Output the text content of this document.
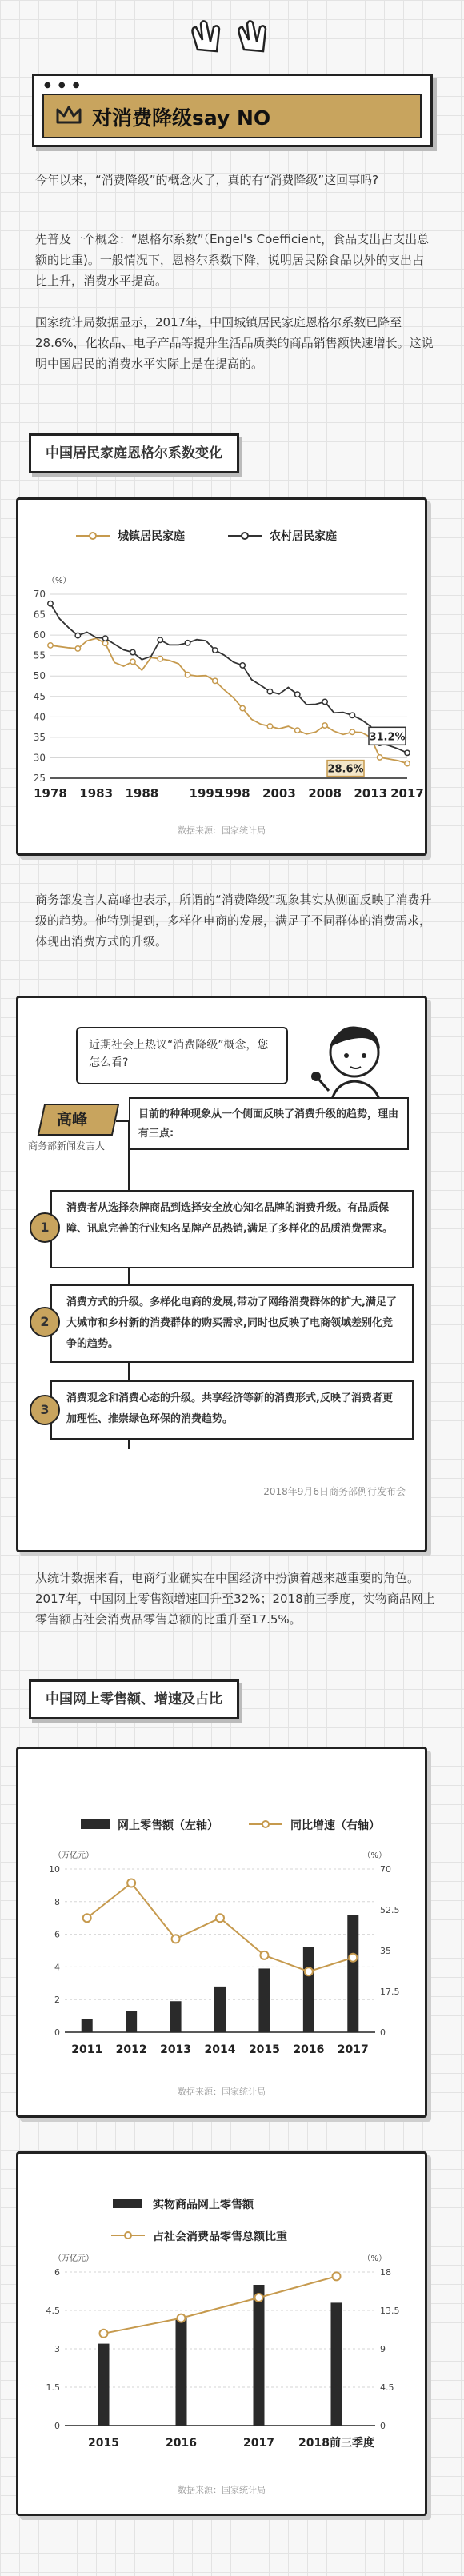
● ● ●
对消费降级say NO

今年以来，“消费降级”的概念火了，真的有“消费降级”这回事吗?

先普及一个概念：“恩格尔系数”（Engel's Coefficient，食品支出占支出总额的比重)。一般情况下，恩格尔系数下降，说明居民除食品以外的支出占比上升，消费水平提高。

国家统计局数据显示，2017年，中国城镇居民家庭恩格尔系数已降至28.6%，化妆品、电子产品等提升生活品质类的商品销售额快速增长。这说明中国居民的消费水平实际上是在提高的。

中国居民家庭恩格尔系数变化
城镇居民家庭	农村居民家庭
（%）
25
30
35
40
45
50
55
60
65
70
1978 1983 1988	1995
1998 2003 2008 2013 2017
31.2%
28.6%
数据来源：国家统计局

商务部发言人高峰也表示，所谓的“消费降级”现象其实从侧面反映了消费升级的趋势。他特别提到，多样化电商的发展，满足了不同群体的消费需求，体现出消费方式的升级。

近期社会上热议“消费降级”概念，您怎么看?
高峰
商务部新闻发言人
目前的种种现象从一个侧面反映了消费升级的趋势，理由有三点:
1
消费者从选择杂牌商品到选择安全放心知名品牌的消费升级。有品质保障、讯息完善的行业知名品牌产品热销,满足了多样化的品质消费需求。
2
消费方式的升级。多样化电商的发展,带动了网络消费群体的扩大,满足了大城市和乡村新的消费群体的购买需求,同时也反映了电商领域差别化竞争的趋势。
3
消费观念和消费心态的升级。共享经济等新的消费形式,反映了消费者更加理性、推崇绿色环保的消费趋势。
——2018年9月6日商务部例行发布会

从统计数据来看，电商行业确实在中国经济中扮演着越来越重要的角色。2017年，中国网上零售额增速回升至32%；2018前三季度，实物商品网上零售额占社会消费品零售总额的比重升至17.5%。

中国网上零售额、增速及占比
网上零售额（左轴）	同比增速（右轴）
（万亿元）	（%）
0
2
4
6
8
10
0
17.5
35
52.5
70
2011 2012 2013 2014 2015 2016 2017
数据来源：国家统计局
实物商品网上零售额
占社会消费品零售总额比重
（万亿元）	（%）
0
1.5
3
4.5
6
0
4.5
9
13.5
18
2015	2016	2017 2018前三季度
数据来源：国家统计局
